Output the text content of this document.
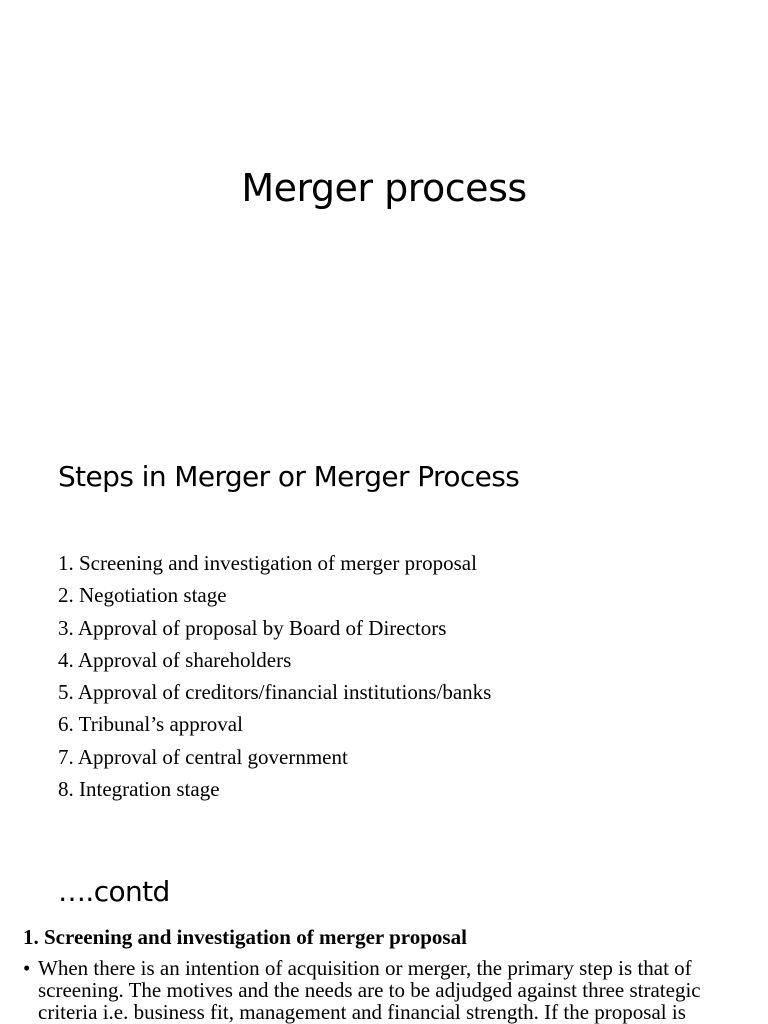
Merger process
Steps in Merger or Merger Process
1. Screening and investigation of merger proposal
2. Negotiation stage
3. Approval of proposal by Board of Directors
4. Approval of shareholders
5. Approval of creditors/financial institutions/banks
6. Tribunal’s approval
7. Approval of central government
8. Integration stage
….contd
1. Screening and investigation of merger proposal
• When there is an intention of acquisition or merger, the primary step is that of
screening. The motives and the needs are to be adjudged against three strategic
criteria i.e. business fit, management and financial strength. If the proposal is
